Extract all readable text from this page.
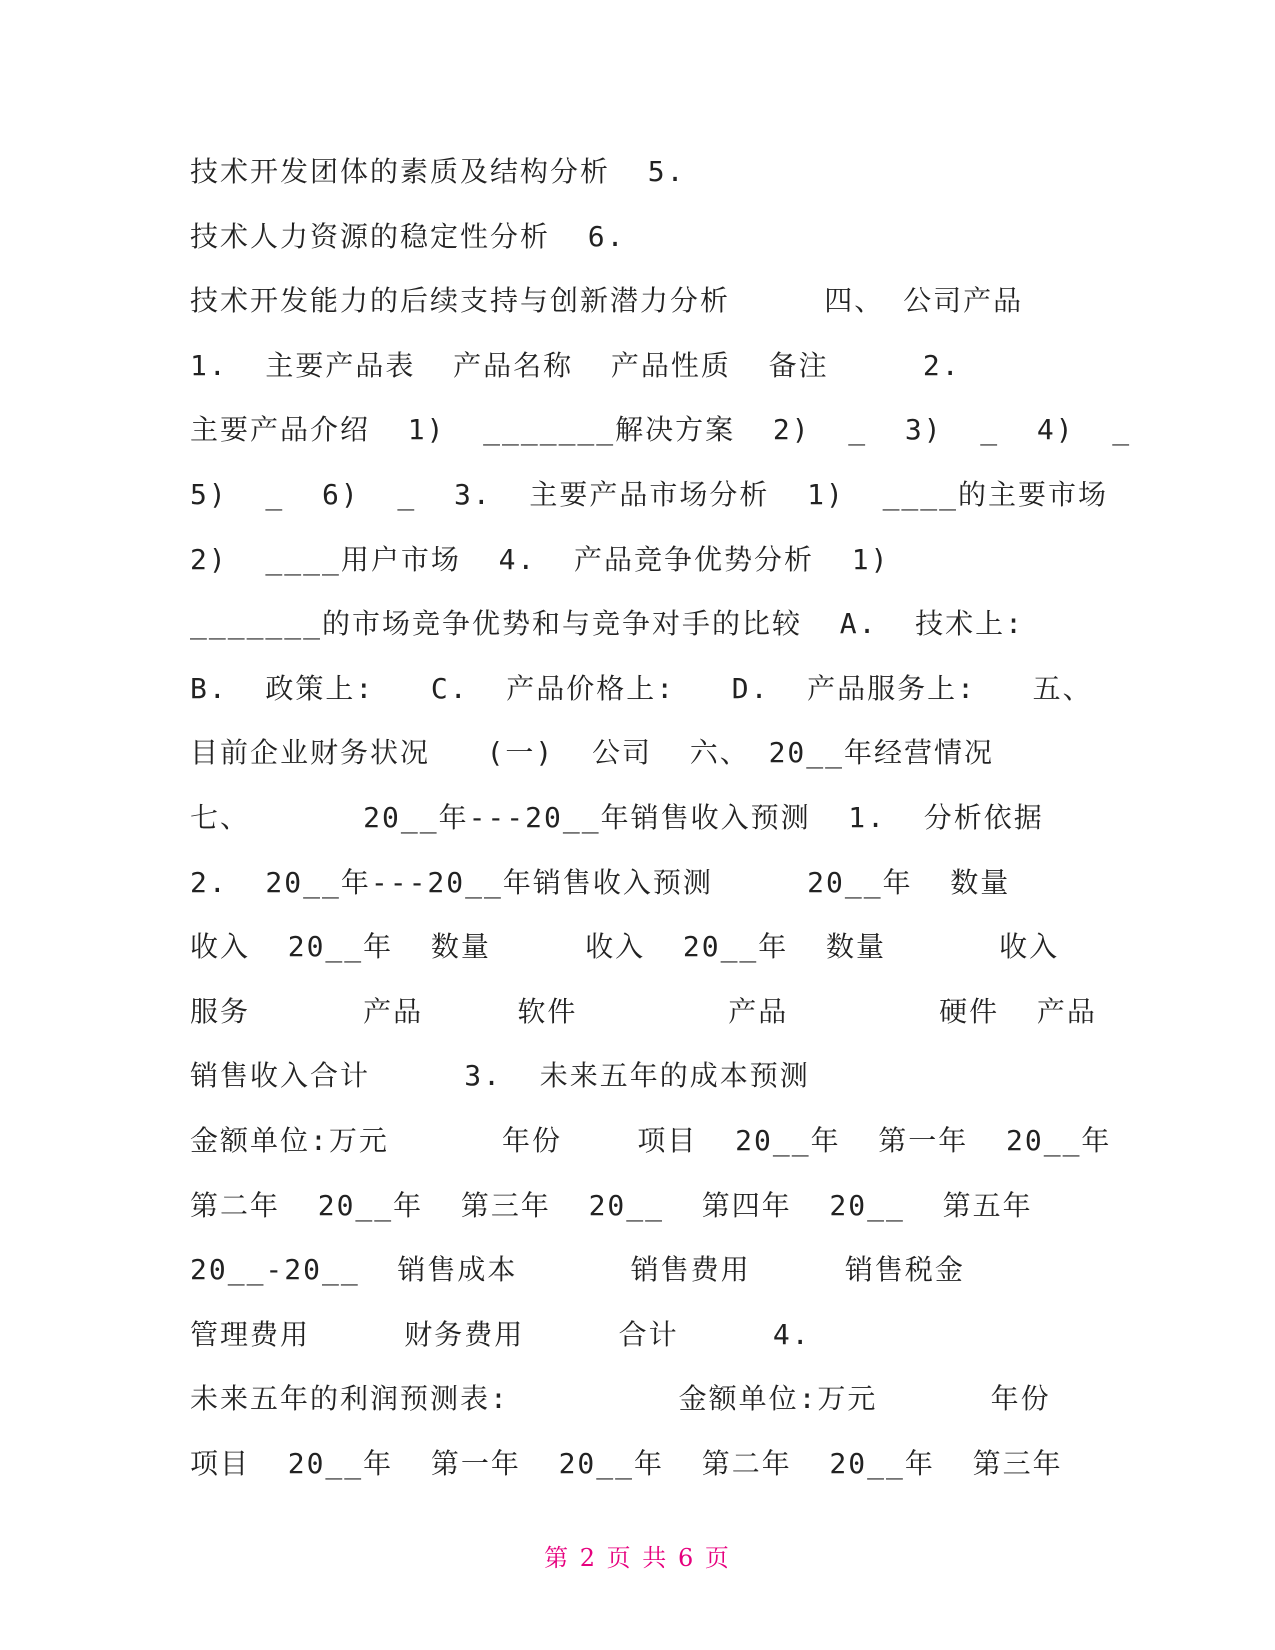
技术开发团体的素质及结构分析  5.
技术人力资源的稳定性分析  6.
技术开发能力的后续支持与创新潜力分析     四、 公司产品
1.  主要产品表  产品名称  产品性质  备注     2.
主要产品介绍  1)  _______解决方案  2)  _  3)  _  4)  _
5)  _  6)  _  3.  主要产品市场分析  1)  ____的主要市场
2)  ____用户市场  4.  产品竞争优势分析  1)
_______的市场竞争优势和与竞争对手的比较  A.  技术上:
B.  政策上:   C.  产品价格上:   D.  产品服务上:   五、
目前企业财务状况   (一)  公司  六、 20__年经营情况
七、      20__年---20__年销售收入预测  1.  分析依据
2.  20__年---20__年销售收入预测     20__年  数量
收入  20__年  数量     收入  20__年  数量      收入
服务      产品     软件        产品        硬件  产品
销售收入合计     3.  未来五年的成本预测
金额单位:万元      年份    项目  20__年  第一年  20__年
第二年  20__年  第三年  20__  第四年  20__  第五年
20__-20__  销售成本      销售费用     销售税金
管理费用     财务费用     合计     4.
未来五年的利润预测表:         金额单位:万元      年份
项目  20__年  第一年  20__年  第二年  20__年  第三年
第 2 页 共 6 页
